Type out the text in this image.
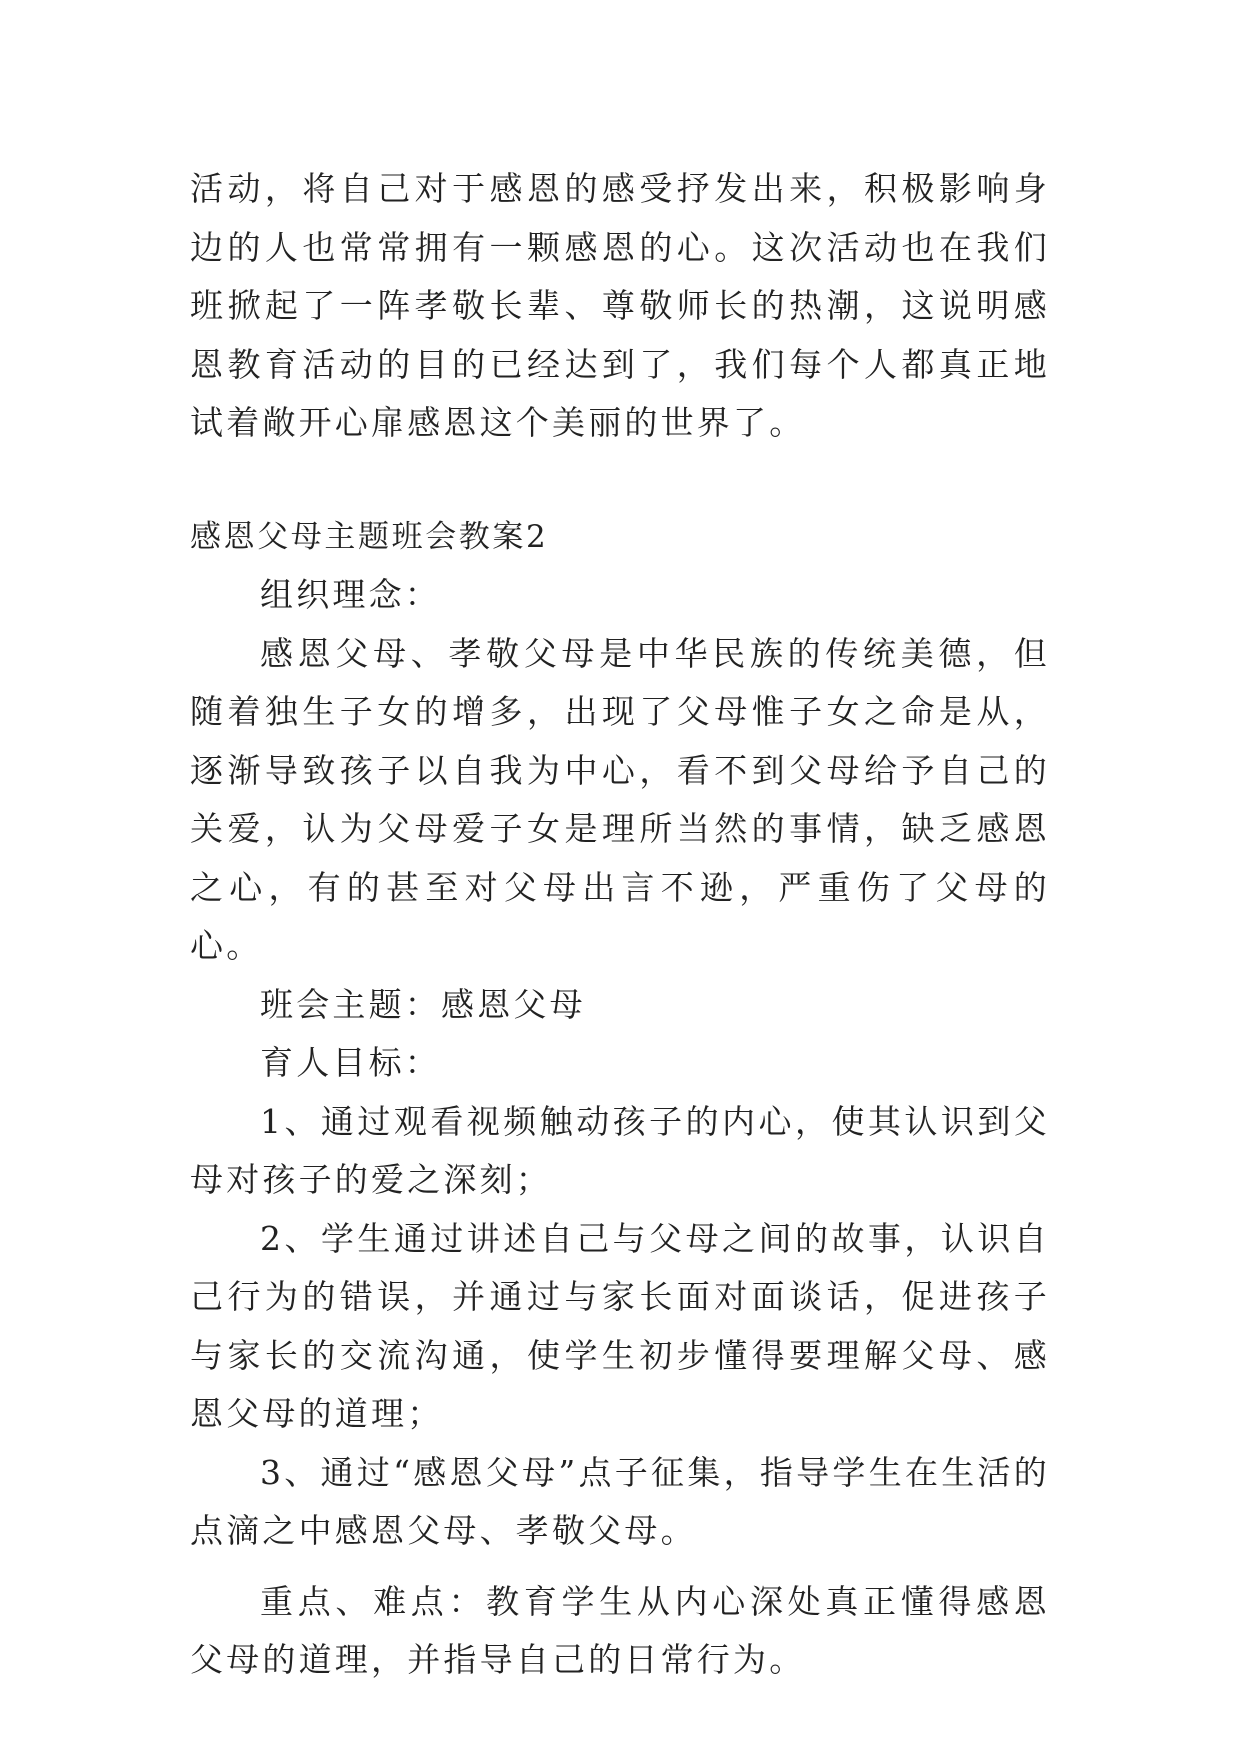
活动，将自己对于感恩的感受抒发出来，积极影响身边的人也常常拥有一颗感恩的心。这次活动也在我们班掀起了一阵孝敬长辈、尊敬师长的热潮，这说明感恩教育活动的目的已经达到了，我们每个人都真正地试着敞开心扉感恩这个美丽的世界了。

感恩父母主题班会教案2

组织理念：

感恩父母、孝敬父母是中华民族的传统美德，但随着独生子女的增多，出现了父母惟子女之命是从，逐渐导致孩子以自我为中心，看不到父母给予自己的关爱，认为父母爱子女是理所当然的事情，缺乏感恩之心，有的甚至对父母出言不逊，严重伤了父母的心。

班会主题：感恩父母

育人目标：

1、通过观看视频触动孩子的内心，使其认识到父母对孩子的爱之深刻；

2、学生通过讲述自己与父母之间的故事，认识自己行为的错误，并通过与家长面对面谈话，促进孩子与家长的交流沟通，使学生初步懂得要理解父母、感恩父母的道理；

3、通过“感恩父母”点子征集，指导学生在生活的点滴之中感恩父母、孝敬父母。

重点、难点：教育学生从内心深处真正懂得感恩父母的道理，并指导自己的日常行为。
